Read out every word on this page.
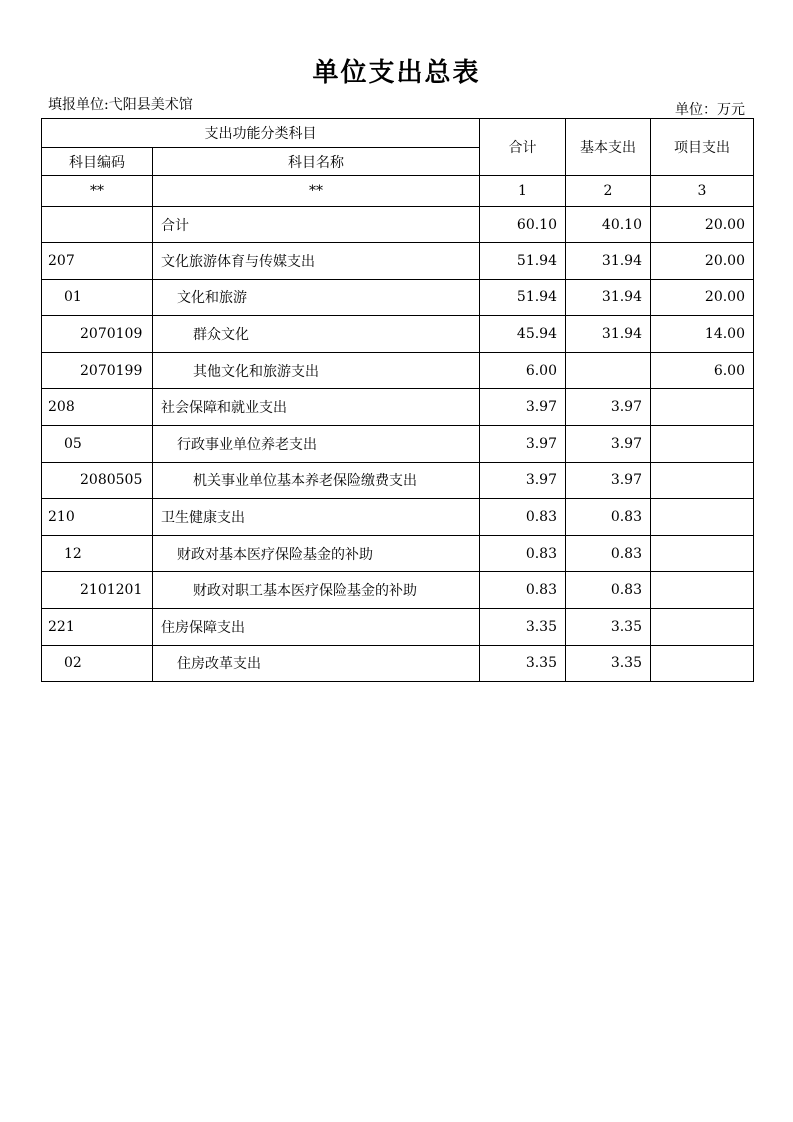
单位支出总表
填报单位:弋阳县美术馆	单位：万元
支出功能分类科目		合计	基本支出	项目支出
科目编码	科目名称			
**	**	1	2	3
	合计	60.10	40.10	20.00
207	文化旅游体育与传媒支出	51.94	31.94	20.00
01	文化和旅游	51.94	31.94	20.00
2070109	群众文化	45.94	31.94	14.00
2070199	其他文化和旅游支出	6.00		6.00
208	社会保障和就业支出	3.97	3.97	
05	行政事业单位养老支出	3.97	3.97	
2080505	机关事业单位基本养老保险缴费支出	3.97	3.97	
210	卫生健康支出	0.83	0.83	
12	财政对基本医疗保险基金的补助	0.83	0.83	
2101201	财政对职工基本医疗保险基金的补助	0.83	0.83	
221	住房保障支出	3.35	3.35	
02	住房改革支出	3.35	3.35	
